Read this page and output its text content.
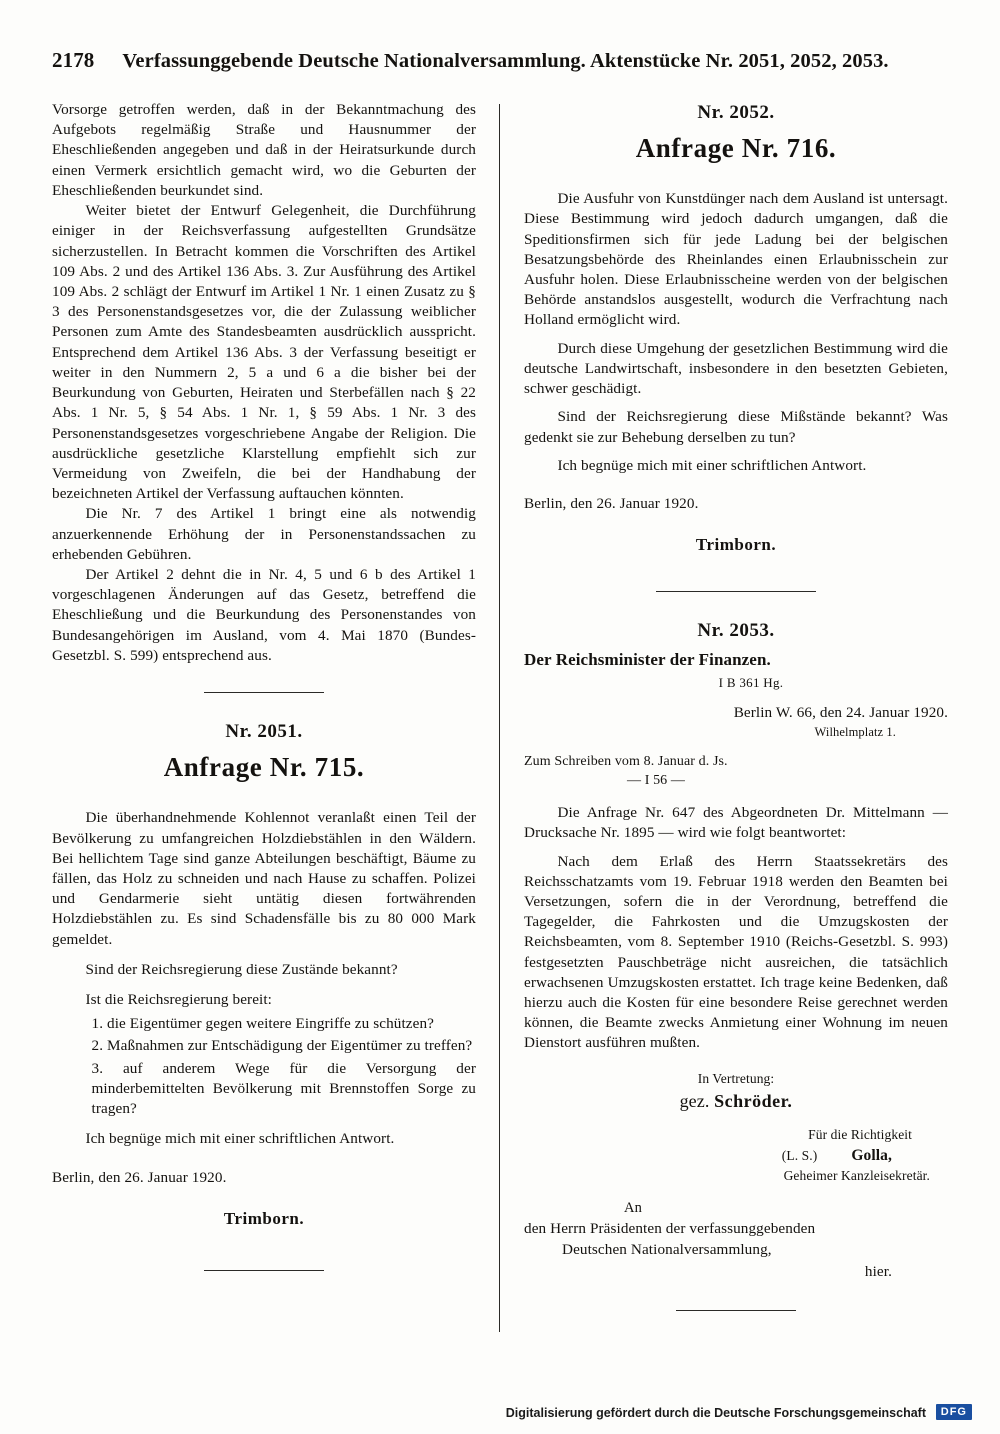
2178 Verfassunggebende Deutsche Nationalversammlung. Aktenstücke Nr. 2051, 2052, 2053.

Vorsorge getroffen werden, daß in der Bekanntmachung des Aufgebots regelmäßig Straße und Hausnummer der Eheschließenden angegeben und daß in der Heiratsurkunde durch einen Vermerk ersichtlich gemacht wird, wo die Geburten der Eheschließenden beurkundet sind.

Weiter bietet der Entwurf Gelegenheit, die Durchführung einiger in der Reichsverfassung aufgestellten Grundsätze sicherzustellen. In Betracht kommen die Vorschriften des Artikel 109 Abs. 2 und des Artikel 136 Abs. 3. Zur Ausführung des Artikel 109 Abs. 2 schlägt der Entwurf im Artikel 1 Nr. 1 einen Zusatz zu § 3 des Personenstandsgesetzes vor, die der Zulassung weiblicher Personen zum Amte des Standesbeamten ausdrücklich ausspricht. Entsprechend dem Artikel 136 Abs. 3 der Verfassung beseitigt er weiter in den Nummern 2, 5 a und 6 a die bisher bei der Beurkundung von Geburten, Heiraten und Sterbefällen nach § 22 Abs. 1 Nr. 5, § 54 Abs. 1 Nr. 1, § 59 Abs. 1 Nr. 3 des Personenstandsgesetzes vorgeschriebene Angabe der Religion. Die ausdrückliche gesetzliche Klarstellung empfiehlt sich zur Vermeidung von Zweifeln, die bei der Handhabung der bezeichneten Artikel der Verfassung auftauchen könnten.

Die Nr. 7 des Artikel 1 bringt eine als notwendig anzuerkennende Erhöhung der in Personenstandssachen zu erhebenden Gebühren.

Der Artikel 2 dehnt die in Nr. 4, 5 und 6 b des Artikel 1 vorgeschlagenen Änderungen auf das Gesetz, betreffend die Eheschließung und die Beurkundung des Personenstandes von Bundesangehörigen im Ausland, vom 4. Mai 1870 (Bundes-Gesetzbl. S. 599) entsprechend aus.

Nr. 2051.
Anfrage Nr. 715.

Die überhandnehmende Kohlennot veranlaßt einen Teil der Bevölkerung zu umfangreichen Holzdiebstählen in den Wäldern. Bei hellichtem Tage sind ganze Abteilungen beschäftigt, Bäume zu fällen, das Holz zu schneiden und nach Hause zu schaffen. Polizei und Gendarmerie sieht untätig diesen fortwährenden Holzdiebstählen zu. Es sind Schadensfälle bis zu 80 000 Mark gemeldet.

Sind der Reichsregierung diese Zustände bekannt?

Ist die Reichsregierung bereit:

1. die Eigentümer gegen weitere Eingriffe zu schützen?
2. Maßnahmen zur Entschädigung der Eigentümer zu treffen?
3. auf anderem Wege für die Versorgung der minderbemittelten Bevölkerung mit Brennstoffen Sorge zu tragen?

Ich begnüge mich mit einer schriftlichen Antwort.

Berlin, den 26. Januar 1920.

Trimborn.
Nr. 2052.
Anfrage Nr. 716.

Die Ausfuhr von Kunstdünger nach dem Ausland ist untersagt. Diese Bestimmung wird jedoch dadurch umgangen, daß die Speditionsfirmen sich für jede Ladung bei der belgischen Besatzungsbehörde des Rheinlandes einen Erlaubnisschein zur Ausfuhr holen. Diese Erlaubnisscheine werden von der belgischen Behörde anstandslos ausgestellt, wodurch die Verfrachtung nach Holland ermöglicht wird.

Durch diese Umgehung der gesetzlichen Bestimmung wird die deutsche Landwirtschaft, insbesondere in den besetzten Gebieten, schwer geschädigt.

Sind der Reichsregierung diese Mißstände bekannt? Was gedenkt sie zur Behebung derselben zu tun?

Ich begnüge mich mit einer schriftlichen Antwort.

Berlin, den 26. Januar 1920.

Trimborn.
Nr. 2053.

Der Reichsminister der Finanzen.

I B 361 Hg.

Berlin W. 66, den 24. Januar 1920.

Wilhelmplatz 1.

Zum Schreiben vom 8. Januar d. Js.

— I 56 —

Die Anfrage Nr. 647 des Abgeordneten Dr. Mittelmann — Drucksache Nr. 1895 — wird wie folgt beantwortet:

Nach dem Erlaß des Herrn Staatssekretärs des Reichsschatzamts vom 19. Februar 1918 werden den Beamten bei Versetzungen, sofern die in der Verordnung, betreffend die Tagegelder, die Fahrkosten und die Umzugskosten der Reichsbeamten, vom 8. September 1910 (Reichs-Gesetzbl. S. 993) festgesetzten Pauschbeträge nicht ausreichen, die tatsächlich erwachsenen Umzugskosten erstattet. Ich trage keine Bedenken, daß hierzu auch die Kosten für eine besondere Reise gerechnet werden können, die Beamte zwecks Anmietung einer Wohnung im neuen Dienstort ausführen mußten.

In Vertretung:

gez. Schröder.

Für die Richtigkeit

(L. S.) Golla,

Geheimer Kanzleisekretär.

An

den Herrn Präsidenten der verfassunggebenden

Deutschen Nationalversammlung,

hier.

Digitalisierung gefördert durch die Deutsche Forschungsgemeinschaft	DFG
